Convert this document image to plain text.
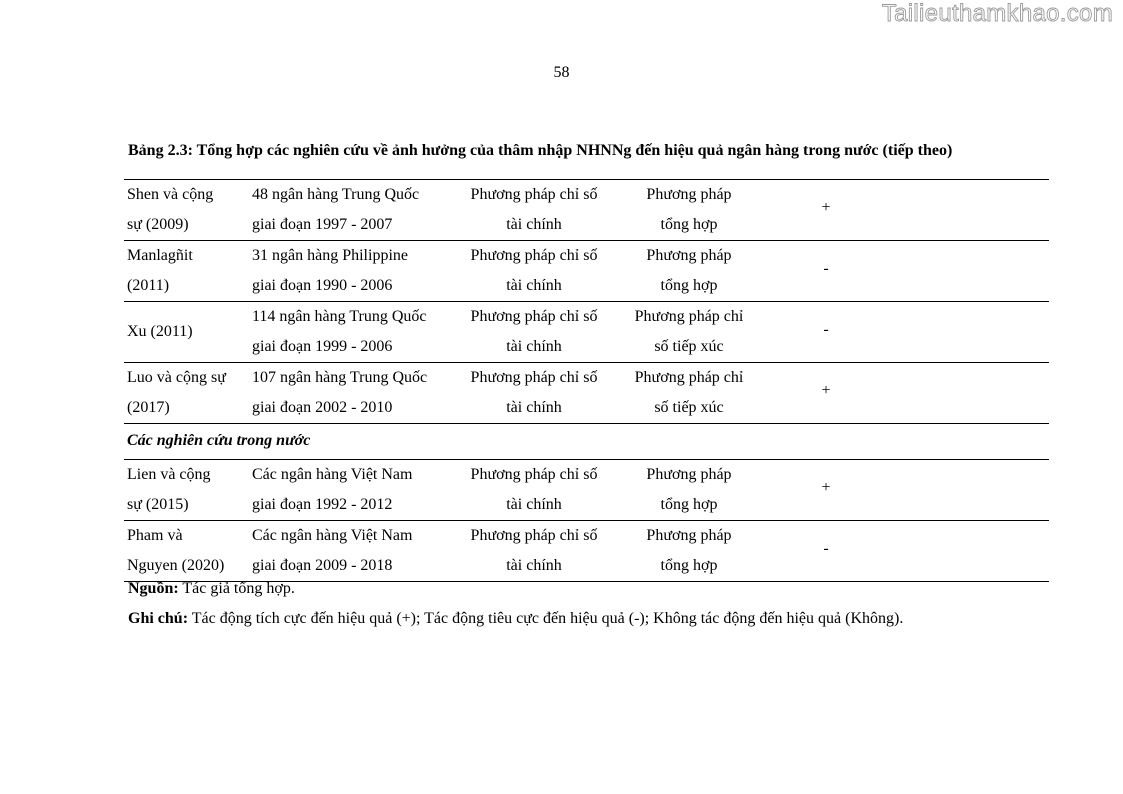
Tailieuthamkhao.com
58
Bảng 2.3: Tổng hợp các nghiên cứu về ảnh hưởng của thâm nhập NHNNg đến hiệu quả ngân hàng trong nước (tiếp theo)
Shen và cộng
sự (2009)
48 ngân hàng Trung Quốc
giai đoạn 1997 - 2007
Phương pháp chỉ số
tài chính
Phương pháp
tổng hợp
+
Manlagñit
(2011)
31 ngân hàng Philippine
giai đoạn 1990 - 2006
Phương pháp chỉ số
tài chính
Phương pháp
tổng hợp
-
Xu (2011)
114 ngân hàng Trung Quốc
giai đoạn 1999 - 2006
Phương pháp chỉ số
tài chính
Phương pháp chỉ
số tiếp xúc
-
Luo và cộng sự
(2017)
107 ngân hàng Trung Quốc
giai đoạn 2002 - 2010
Phương pháp chỉ số
tài chính
Phương pháp chỉ
số tiếp xúc
+
Các nghiên cứu trong nước
Lien và cộng
sự (2015)
Các ngân hàng Việt Nam
giai đoạn 1992 - 2012
Phương pháp chỉ số
tài chính
Phương pháp
tổng hợp
+
Pham và
Nguyen (2020)
Các ngân hàng Việt Nam
giai đoạn 2009 - 2018
Phương pháp chỉ số
tài chính
Phương pháp
tổng hợp
-
Nguồn: Tác giả tổng hợp.
Ghi chú: Tác động tích cực đến hiệu quả (+); Tác động tiêu cực đến hiệu quả (-); Không tác động đến hiệu quả (Không).
